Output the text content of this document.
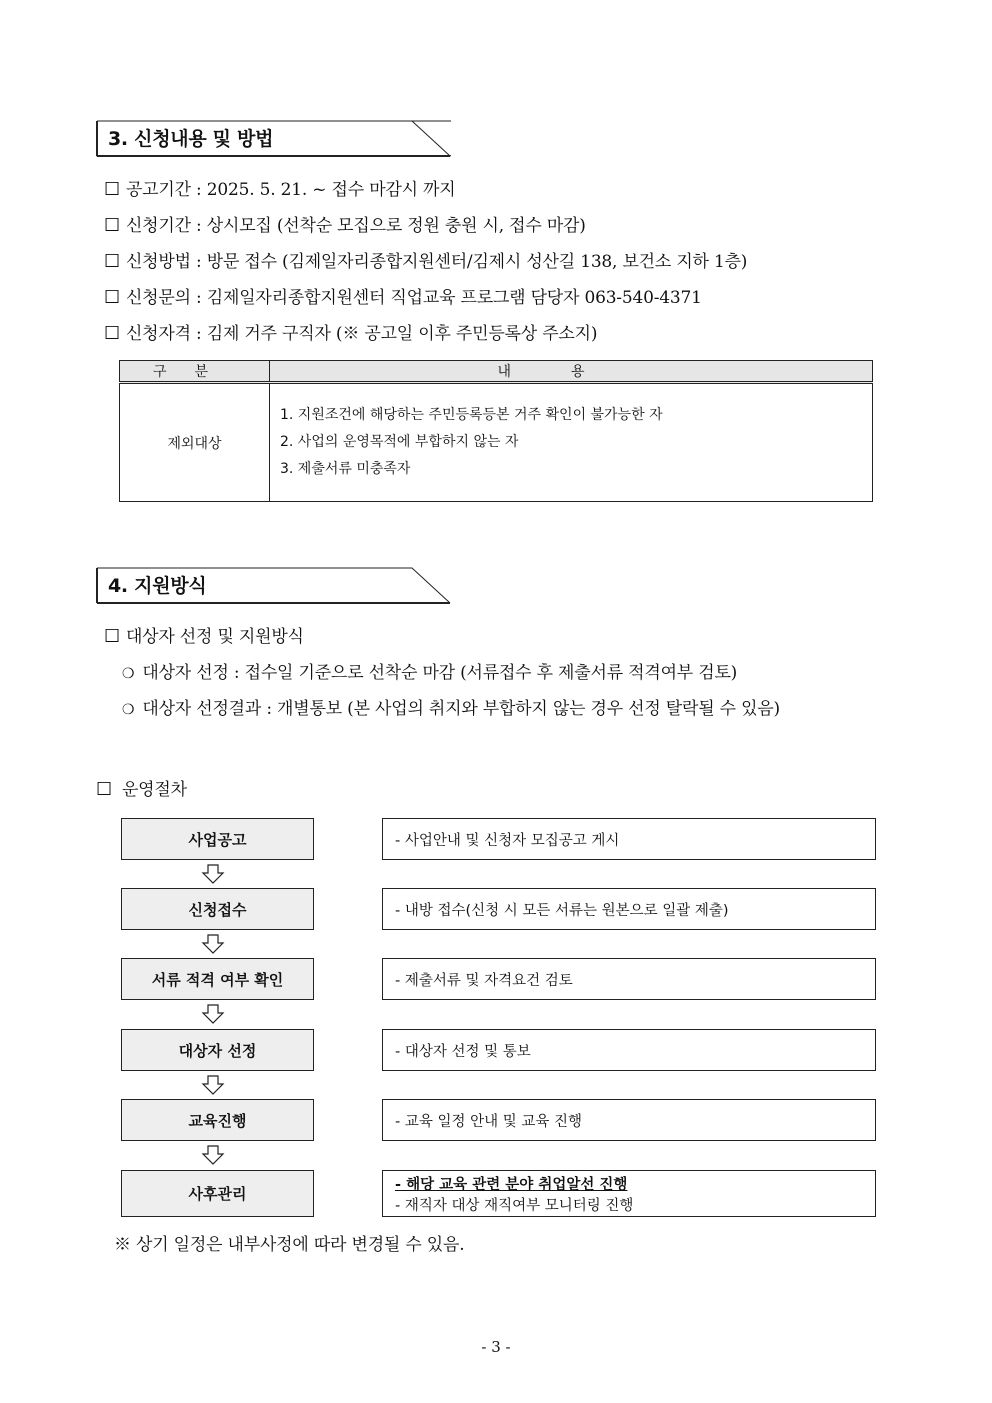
3. 신청내용 및 방법
☐ 공고기간 : 2025. 5. 21. ~ 접수 마감시 까지
☐ 신청기간 : 상시모집 (선착순 모집으로 정원 충원 시, 접수 마감)
☐ 신청방법 : 방문 접수 (김제일자리종합지원센터/김제시 성산길 138, 보건소 지하 1층)
☐ 신청문의 : 김제일자리종합지원센터 직업교육 프로그램 담당자 063-540-4371
☐ 신청자격 : 김제 거주 구직자 (※ 공고일 이후 주민등록상 주소지)
구분	내용
제외대상	1. 지원조건에 해당하는 주민등록등본 거주 확인이 불가능한 자
2. 사업의 운영목적에 부합하지 않는 자
3. 제출서류 미충족자
4. 지원방식
☐ 대상자 선정 및 지원방식
❍ 대상자 선정 : 접수일 기준으로 선착순 마감 (서류접수 후 제출서류 적격여부 검토)
❍ 대상자 선정결과 : 개별통보 (본 사업의 취지와 부합하지 않는 경우 선정 탈락될 수 있음)
☐ 운영절차
사업공고	- 사업안내 및 신청자 모집공고 게시
신청접수	- 내방 접수(신청 시 모든 서류는 원본으로 일괄 제출)
서류 적격 여부 확인	- 제출서류 및 자격요건 검토
대상자 선정	- 대상자 선정 및 통보
교육진행	- 교육 일정 안내 및 교육 진행
사후관리
- 해당 교육 관련 분야 취업알선 진행
- 재직자 대상 재직여부 모니터링 진행
※ 상기 일정은 내부사정에 따라 변경될 수 있음.
- 3 -
